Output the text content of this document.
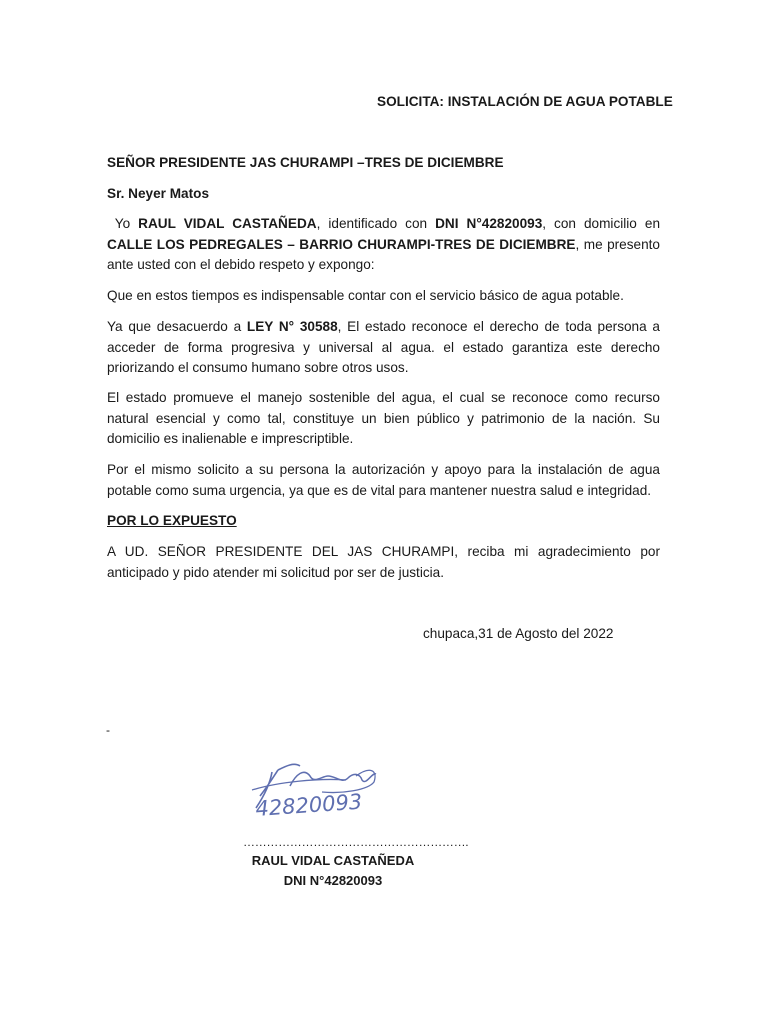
SOLICITA: INSTALACIÓN DE AGUA POTABLE
SEÑOR PRESIDENTE JAS CHURAMPI –TRES DE DICIEMBRE
Sr. Neyer Matos
Yo RAUL VIDAL CASTAÑEDA, identificado con DNI N°42820093, con domicilio en CALLE LOS PEDREGALES – BARRIO CHURAMPI-TRES DE DICIEMBRE, me presento ante usted con el debido respeto y expongo:
Que en estos tiempos es indispensable contar con el servicio básico de agua potable.
Ya que desacuerdo a LEY N° 30588, El estado reconoce el derecho de toda persona a acceder de forma progresiva y universal al agua. el estado garantiza este derecho priorizando el consumo humano sobre otros usos.
El estado promueve el manejo sostenible del agua, el cual se reconoce como recurso natural esencial y como tal, constituye un bien público y patrimonio de la nación. Su domicilio es inalienable e imprescriptible.
Por el mismo solicito a su persona la autorización y apoyo para la instalación de agua potable como suma urgencia, ya que es de vital para mantener nuestra salud e integridad.
POR LO EXPUESTO
A UD. SEÑOR PRESIDENTE DEL JAS CHURAMPI, reciba mi agradecimiento por anticipado y pido atender mi solicitud por ser de justicia.
chupaca,31 de Agosto del 2022
-
42820093
………………………………………………….
RAUL VIDAL CASTAÑEDA
DNI N°42820093
